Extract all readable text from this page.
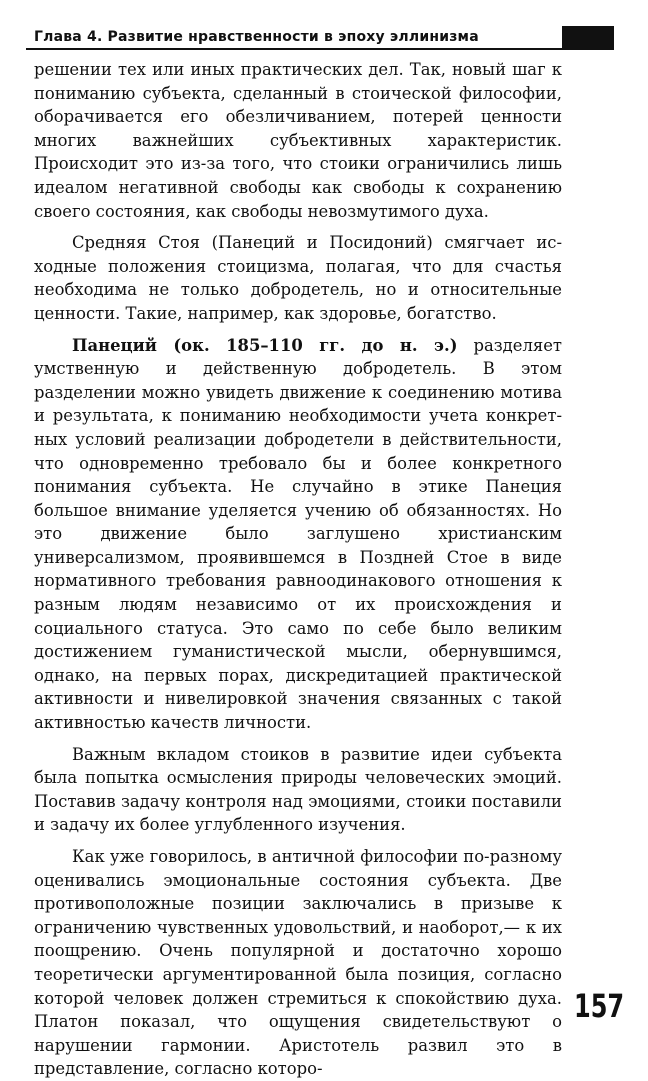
Глава 4. Развитие нравственности в эпоху эллинизма

решении тех или иных практических дел. Так, новый шаг к пониманию субъекта, сделанный в стоической философии, оборачивается его обезличиванием, потерей ценности многих важнейших субъективных характеристик. Происходит это из-за того, что стоики ограничились лишь идеалом негативной свободы как свободы к сохранению своего состояния, как свободы невозмутимого духа.

Средняя Стоя (Панеций и Посидоний) смягчает исходные положения стоицизма, полагая, что для счастья необходима не только добродетель, но и относительные ценности. Такие, например, как здоровье, богатство.

Панеций (ок. 185–110 гг. до н. э.) разделяет умственную и действенную добродетель. В этом разделении можно увидеть движение к соединению мотива и результата, к пониманию необходимости учета конкретных условий реализации добродетели в действительности, что одновременно требовало бы и более конкретного понимания субъекта. Не случайно в этике Панеция большое внимание уделяется учению об обязанностях. Но это движение было заглушено христианским универсализмом, проявившемся в Поздней Стое в виде нормативного требования равноодинакового отношения к разным людям независимо от их происхождения и социального статуса. Это само по себе было великим достижением гуманистической мысли, обернувшимся, однако, на первых порах, дискредитацией практической активности и нивелировкой значения связанных с такой активностью качеств личности.

Важным вкладом стоиков в развитие идеи субъекта была попытка осмысления природы человеческих эмоций. Поставив задачу контроля над эмоциями, стоики поставили и задачу их более углубленного изучения.

Как уже говорилось, в античной философии по-разному оценивались эмоциональные состояния субъекта. Две противоположные позиции заключались в призыве к ограничению чувственных удовольствий, и наоборот,— к их поощрению. Очень популярной и достаточно хорошо теоретически аргументированной была позиция, согласно которой человек должен стремиться к спокойствию духа. Платон показал, что ощущения свидетельствуют о нарушении гармонии. Аристотель развил это в представление, согласно которо-

157
